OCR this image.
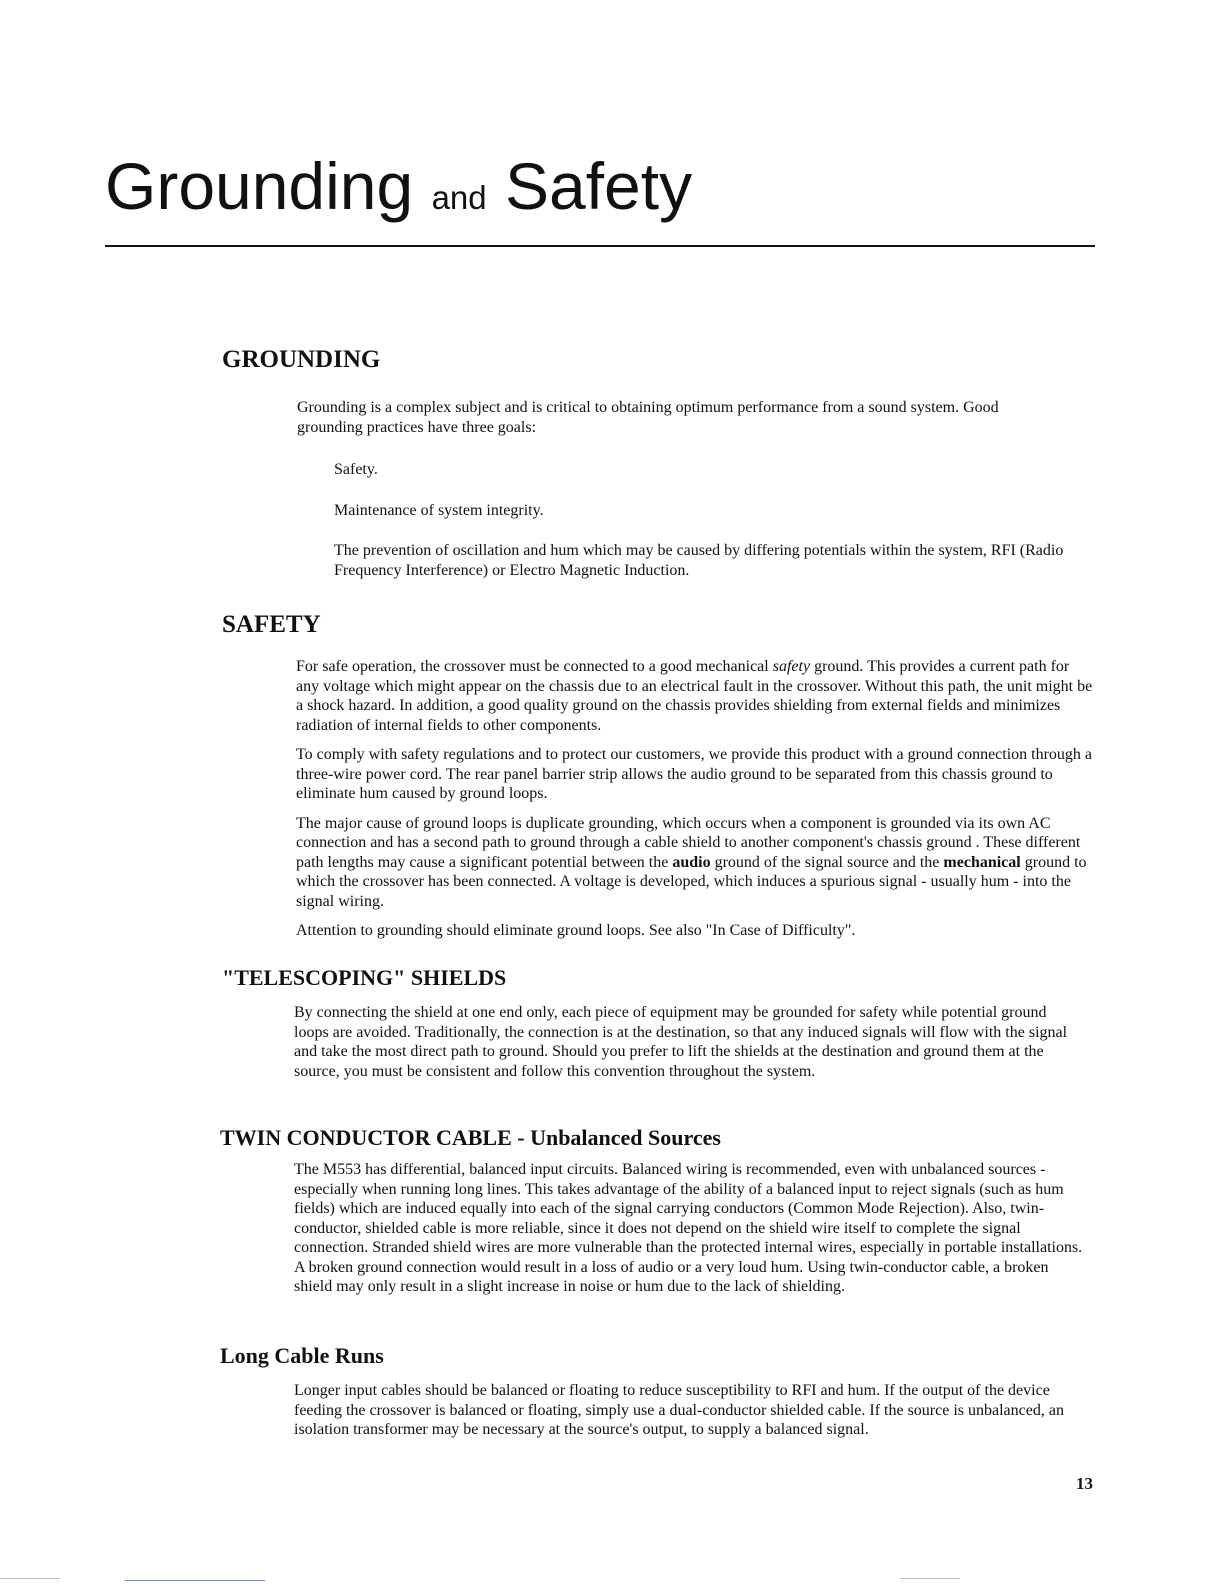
Grounding and Safety
GROUNDING

Grounding is a complex subject and is critical to obtaining optimum performance from a sound system. Good grounding practices have three goals:

Safety.
Maintenance of system integrity.
The prevention of oscillation and hum which may be caused by differing potentials within the system, RFI (Radio Frequency Interference) or Electro Magnetic Induction.
SAFETY

For safe operation, the crossover must be connected to a good mechanical safety ground. This provides a current path for any voltage which might appear on the chassis due to an electrical fault in the crossover. Without this path, the unit might be a shock hazard. In addition, a good quality ground on the chassis provides shielding from external fields and minimizes radiation of internal fields to other components.

To comply with safety regulations and to protect our customers, we provide this product with a ground connection through a three-wire power cord. The rear panel barrier strip allows the audio ground to be separated from this chassis ground to eliminate hum caused by ground loops.

The major cause of ground loops is duplicate grounding, which occurs when a component is grounded via its own AC connection and has a second path to ground through a cable shield to another component's chassis ground . These different path lengths may cause a significant potential between the audio ground of the signal source and the mechanical ground to which the crossover has been connected. A voltage is developed, which induces a spurious signal - usually hum - into the signal wiring.

Attention to grounding should eliminate ground loops. See also "In Case of Difficulty".

"TELESCOPING" SHIELDS

By connecting the shield at one end only, each piece of equipment may be grounded for safety while potential ground loops are avoided. Traditionally, the connection is at the destination, so that any induced signals will flow with the signal and take the most direct path to ground. Should you prefer to lift the shields at the destination and ground them at the source, you must be consistent and follow this convention throughout the system.

TWIN CONDUCTOR CABLE - Unbalanced Sources

The M553 has differential, balanced input circuits. Balanced wiring is recommended, even with unbalanced sources - especially when running long lines. This takes advantage of the ability of a balanced input to reject signals (such as hum fields) which are induced equally into each of the signal carrying conductors (Common Mode Rejection). Also, twin-conductor, shielded cable is more reliable, since it does not depend on the shield wire itself to complete the signal connection. Stranded shield wires are more vulnerable than the protected internal wires, especially in portable installations. A broken ground connection would result in a loss of audio or a very loud hum. Using twin-conductor cable, a broken shield may only result in a slight increase in noise or hum due to the lack of shielding.

Long Cable Runs

Longer input cables should be balanced or floating to reduce susceptibility to RFI and hum. If the output of the device feeding the crossover is balanced or floating, simply use a dual-conductor shielded cable. If the source is unbalanced, an isolation transformer may be necessary at the source's output, to supply a balanced signal.

13
